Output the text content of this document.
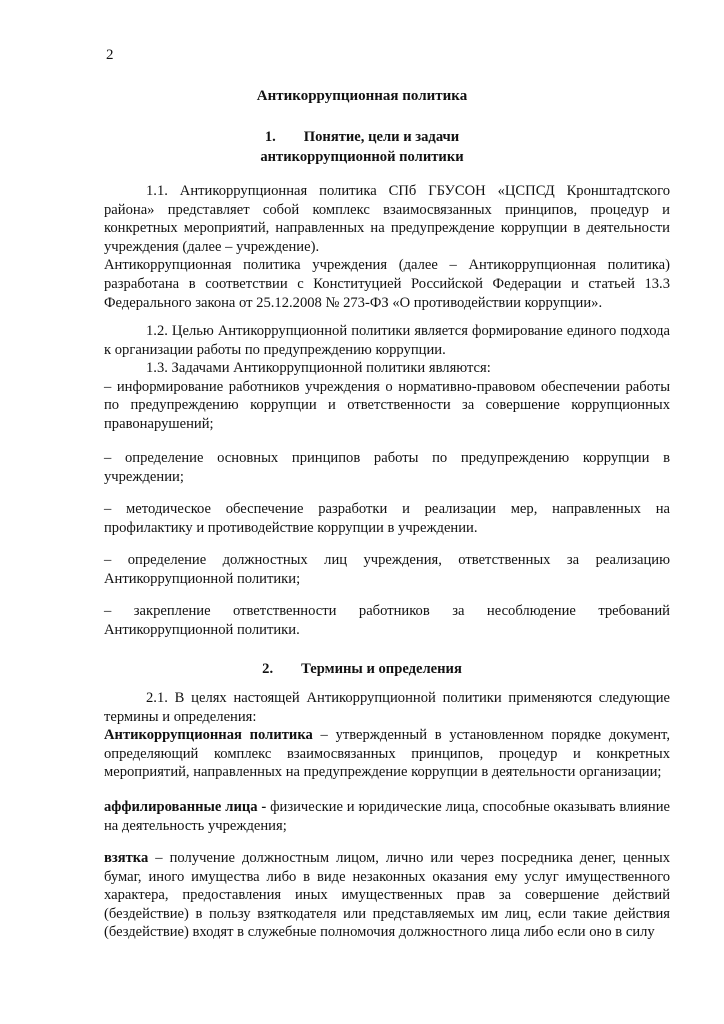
2
Антикоррупционная политика
1. Понятие, цели и задачи
антикоррупционной политики

1.1. Антикоррупционная политика СПб ГБУСОН «ЦСПСД Кронштадтского района» представляет собой комплекс взаимосвязанных принципов, процедур и конкретных мероприятий, направленных на предупреждение коррупции в деятельности учреждения (далее – учреждение).

Антикоррупционная политика учреждения (далее – Антикоррупционная политика) разработана в соответствии с Конституцией Российской Федерации и статьей 13.3 Федерального закона от 25.12.2008 № 273-ФЗ «О противодействии коррупции».

1.2. Целью Антикоррупционной политики является формирование единого подхода к организации работы по предупреждению коррупции.

1.3. Задачами Антикоррупционной политики являются:

– информирование работников учреждения о нормативно-правовом обеспечении работы по предупреждению коррупции и ответственности за совершение коррупционных правонарушений;

– определение основных принципов работы по предупреждению коррупции в учреждении;
– методическое обеспечение разработки и реализации мер, направленных на профилактику и противодействие коррупции в учреждении.
– определение должностных лиц учреждения, ответственных за реализацию Антикоррупционной политики;
– закрепление ответственности работников за несоблюдение требований Антикоррупционной политики.
2. Термины и определения

2.1. В целях настоящей Антикоррупционной политики применяются следующие термины и определения:

Антикоррупционная политика – утвержденный в установленном порядке документ, определяющий комплекс взаимосвязанных принципов, процедур и конкретных мероприятий, направленных на предупреждение коррупции в деятельности организации;

аффилированные лица - физические и юридические лица, способные оказывать влияние на деятельность учреждения;
взятка – получение должностным лицом, лично или через посредника денег, ценных бумаг, иного имущества либо в виде незаконных оказания ему услуг имущественного характера, предоставления иных имущественных прав за совершение действий (бездействие) в пользу взяткодателя или представляемых им лиц, если такие действия (бездействие) входят в служебные полномочия должностного лица либо если оно в силу
